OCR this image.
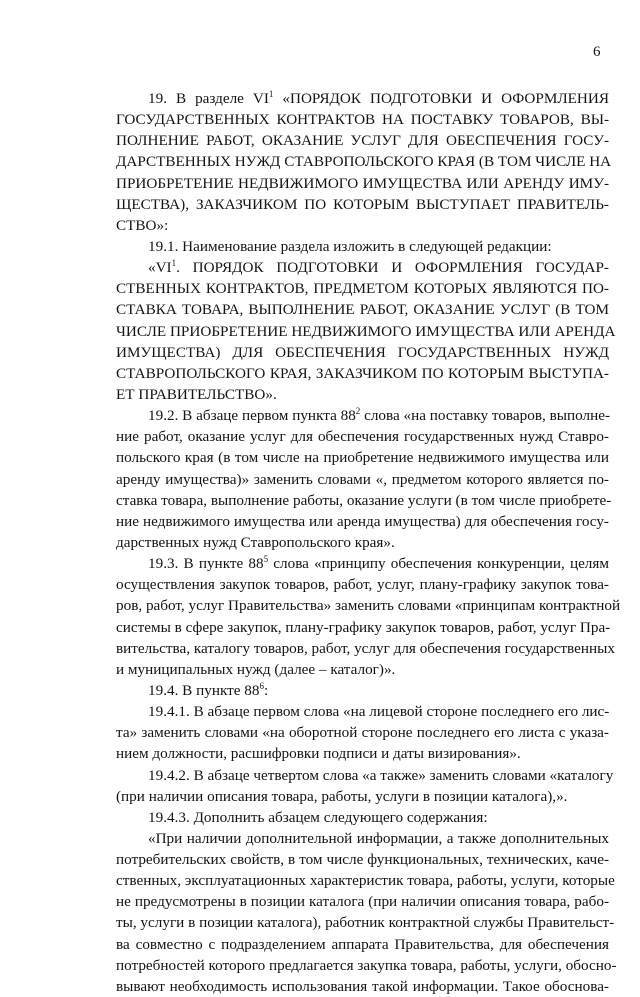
6
19. В разделе $VI^1$ «ПОРЯДОК ПОДГОТОВКИ И ОФОРМЛЕНИЯ
ГОСУДАРСТВЕННЫХ КОНТРАКТОВ НА ПОСТАВКУ ТОВАРОВ, ВЫ-
ПОЛНЕНИЕ РАБОТ, ОКАЗАНИЕ УСЛУГ ДЛЯ ОБЕСПЕЧЕНИЯ ГОСУ-
ДАРСТВЕННЫХ НУЖД СТАВРОПОЛЬСКОГО КРАЯ (В ТОМ ЧИСЛЕ НА
ПРИОБРЕТЕНИЕ НЕДВИЖИМОГО ИМУЩЕСТВА ИЛИ АРЕНДУ ИМУ-
ЩЕСТВА), ЗАКАЗЧИКОМ ПО КОТОРЫМ ВЫСТУПАЕТ ПРАВИТЕЛЬ-
СТВО»:
19.1. Наименование раздела изложить в следующей редакции:
«$VI^1$. ПОРЯДОК ПОДГОТОВКИ И ОФОРМЛЕНИЯ ГОСУДАР-
СТВЕННЫХ КОНТРАКТОВ, ПРЕДМЕТОМ КОТОРЫХ ЯВЛЯЮТСЯ ПО-
СТАВКА ТОВАРА, ВЫПОЛНЕНИЕ РАБОТ, ОКАЗАНИЕ УСЛУГ (В ТОМ
ЧИСЛЕ ПРИОБРЕТЕНИЕ НЕДВИЖИМОГО ИМУЩЕСТВА ИЛИ АРЕНДА
ИМУЩЕСТВА) ДЛЯ ОБЕСПЕЧЕНИЯ ГОСУДАРСТВЕННЫХ НУЖД
СТАВРОПОЛЬСКОГО КРАЯ, ЗАКАЗЧИКОМ ПО КОТОРЫМ ВЫСТУПА-
ЕТ ПРАВИТЕЛЬСТВО».
19.2. В абзаце первом пункта $88^2$ слова «на поставку товаров, выполне-
ние работ, оказание услуг для обеспечения государственных нужд Ставро-
польского края (в том числе на приобретение недвижимого имущества или
аренду имущества)» заменить словами «, предметом которого является по-
ставка товара, выполнение работы, оказание услуги (в том числе приобрете-
ние недвижимого имущества или аренда имущества) для обеспечения госу-
дарственных нужд Ставропольского края».
19.3. В пункте $88^5$ слова «принципу обеспечения конкуренции, целям
осуществления закупок товаров, работ, услуг, плану-графику закупок това-
ров, работ, услуг Правительства» заменить словами «принципам контрактной
системы в сфере закупок, плану-графику закупок товаров, работ, услуг Пра-
вительства, каталогу товаров, работ, услуг для обеспечения государственных
и муниципальных нужд (далее – каталог)».
19.4. В пункте $88^6$:
19.4.1. В абзаце первом слова «на лицевой стороне последнего его лис-
та» заменить словами «на оборотной стороне последнего его листа с указа-
нием должности, расшифровки подписи и даты визирования».
19.4.2. В абзаце четвертом слова «а также» заменить словами «каталогу
(при наличии описания товара, работы, услуги в позиции каталога),».
19.4.3. Дополнить абзацем следующего содержания:
«При наличии дополнительной информации, а также дополнительных
потребительских свойств, в том числе функциональных, технических, каче-
ственных, эксплуатационных характеристик товара, работы, услуги, которые
не предусмотрены в позиции каталога (при наличии описания товара, рабо-
ты, услуги в позиции каталога), работник контрактной службы Правительст-
ва совместно с подразделением аппарата Правительства, для обеспечения
потребностей которого предлагается закупка товара, работы, услуги, обосно-
вывают необходимость использования такой информации. Такое обоснова-
